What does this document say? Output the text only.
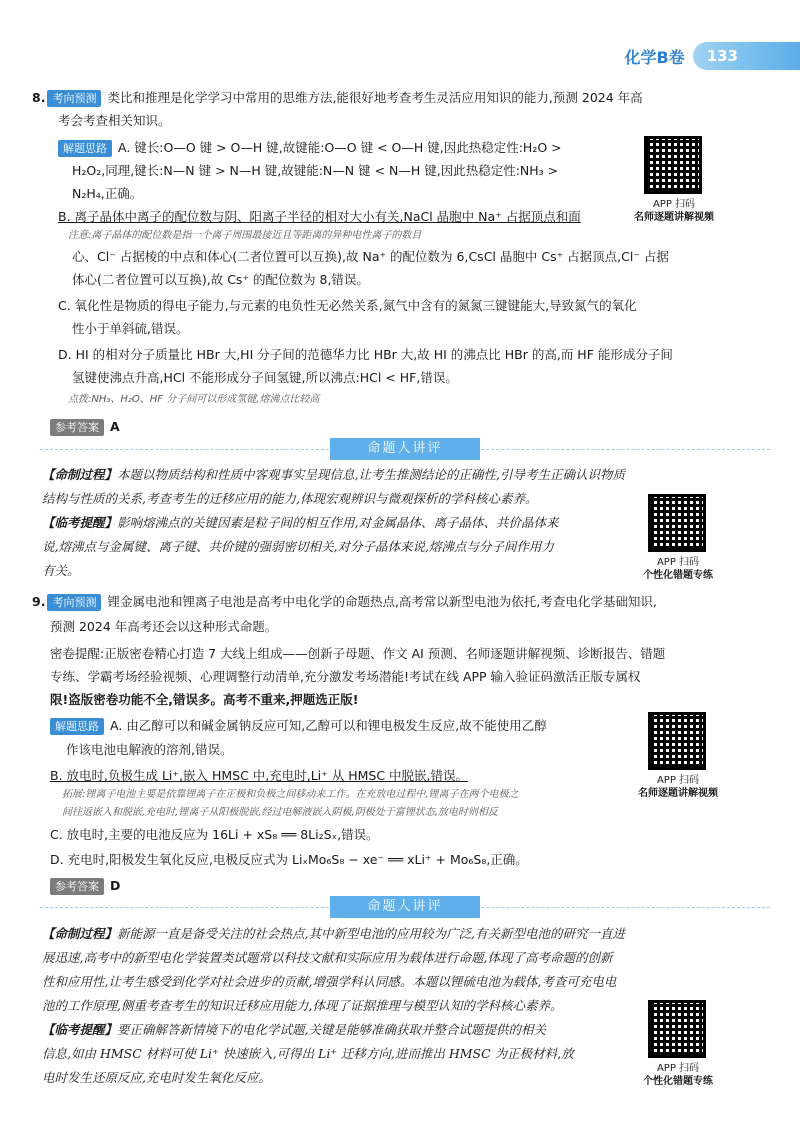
化学B卷	133
8. 考向预测 类比和推理是化学学习中常用的思维方法,能很好地考查考生灵活应用知识的能力,预测 2024 年高
考会考查相关知识。
解题思路 A. 键长:O—O 键 > O—H 键,故键能:O—O 键 < O—H 键,因此热稳定性:H₂O >
H₂O₂,同理,键长:N—N 键 > N—H 键,故键能:N—N 键 < N—H 键,因此热稳定性:NH₃ >
N₂H₄,正确。
APP 扫码
名师逐题讲解视频
B. 离子晶体中离子的配位数与阴、阳离子半径的相对大小有关,NaCl 晶胞中 Na⁺ 占据顶点和面
注意:离子晶体的配位数是指一个离子周围最接近且等距离的异种电性离子的数目
心、Cl⁻ 占据棱的中点和体心(二者位置可以互换),故 Na⁺ 的配位数为 6,CsCl 晶胞中 Cs⁺ 占据顶点,Cl⁻ 占据
体心(二者位置可以互换),故 Cs⁺ 的配位数为 8,错误。
C. 氧化性是物质的得电子能力,与元素的电负性无必然关系,氮气中含有的氮氮三键键能大,导致氮气的氧化
性小于单斜硫,错误。
D. HI 的相对分子质量比 HBr 大,HI 分子间的范德华力比 HBr 大,故 HI 的沸点比 HBr 的高,而 HF 能形成分子间
氢键使沸点升高,HCl 不能形成分子间氢键,所以沸点:HCl < HF,错误。
点拨:NH₃、H₂O、HF 分子间可以形成氢键,熔沸点比较高
参考答案 A
命题人讲评
【命制过程】本题以物质结构和性质中客观事实呈现信息,让考生推测结论的正确性,引导考生正确认识物质
结构与性质的关系,考查考生的迁移应用的能力,体现宏观辨识与微观探析的学科核心素养。
【临考提醒】影响熔沸点的关键因素是粒子间的相互作用,对金属晶体、离子晶体、共价晶体来
说,熔沸点与金属键、离子键、共价键的强弱密切相关,对分子晶体来说,熔沸点与分子间作用力
有关。
APP 扫码
个性化错题专练
9. 考向预测 锂金属电池和锂离子电池是高考中电化学的命题热点,高考常以新型电池为依托,考查电化学基础知识,
预测 2024 年高考还会以这种形式命题。
密卷提醒:正版密卷精心打造 7 大线上组成——创新子母题、作文 AI 预测、名师逐题讲解视频、诊断报告、错题
专练、学霸考场经验视频、心理调整行动清单,充分激发考场潜能!考试在线 APP 输入验证码激活正版专属权
限!盗版密卷功能不全,错误多。高考不重来,押题选正版!
解题思路 A. 由乙醇可以和碱金属钠反应可知,乙醇可以和锂电极发生反应,故不能使用乙醇
作该电池电解液的溶剂,错误。
APP 扫码
名师逐题讲解视频
B. 放电时,负极生成 Li⁺,嵌入 HMSC 中,充电时,Li⁺ 从 HMSC 中脱嵌,错误。
拓展:锂离子电池主要是依靠锂离子在正极和负极之间移动来工作。在充放电过程中,锂离子在两个电极之
间往返嵌入和脱嵌,充电时,锂离子从阳极脱嵌,经过电解液嵌入阴极,阴极处于富锂状态,放电时则相反
C. 放电时,主要的电池反应为 16Li + xS₈ ══ 8Li₂Sₓ,错误。
D. 充电时,阳极发生氧化反应,电极反应式为 LiₓMo₆S₈ − xe⁻ ══ xLi⁺ + Mo₆S₈,正确。
参考答案 D
命题人讲评
【命制过程】新能源一直是备受关注的社会热点,其中新型电池的应用较为广泛,有关新型电池的研究一直进
展迅速,高考中的新型电化学装置类试题常以科技文献和实际应用为载体进行命题,体现了高考命题的创新
性和应用性,让考生感受到化学对社会进步的贡献,增强学科认同感。本题以锂硫电池为载体,考查可充电电
池的工作原理,侧重考查考生的知识迁移应用能力,体现了证据推理与模型认知的学科核心素养。
【临考提醒】要正确解答新情境下的电化学试题,关键是能够准确获取并整合试题提供的相关
信息,如由 HMSC 材料可使 Li⁺ 快速嵌入,可得出 Li⁺ 迁移方向,进而推出 HMSC 为正极材料,放
电时发生还原反应,充电时发生氧化反应。
APP 扫码
个性化错题专练
